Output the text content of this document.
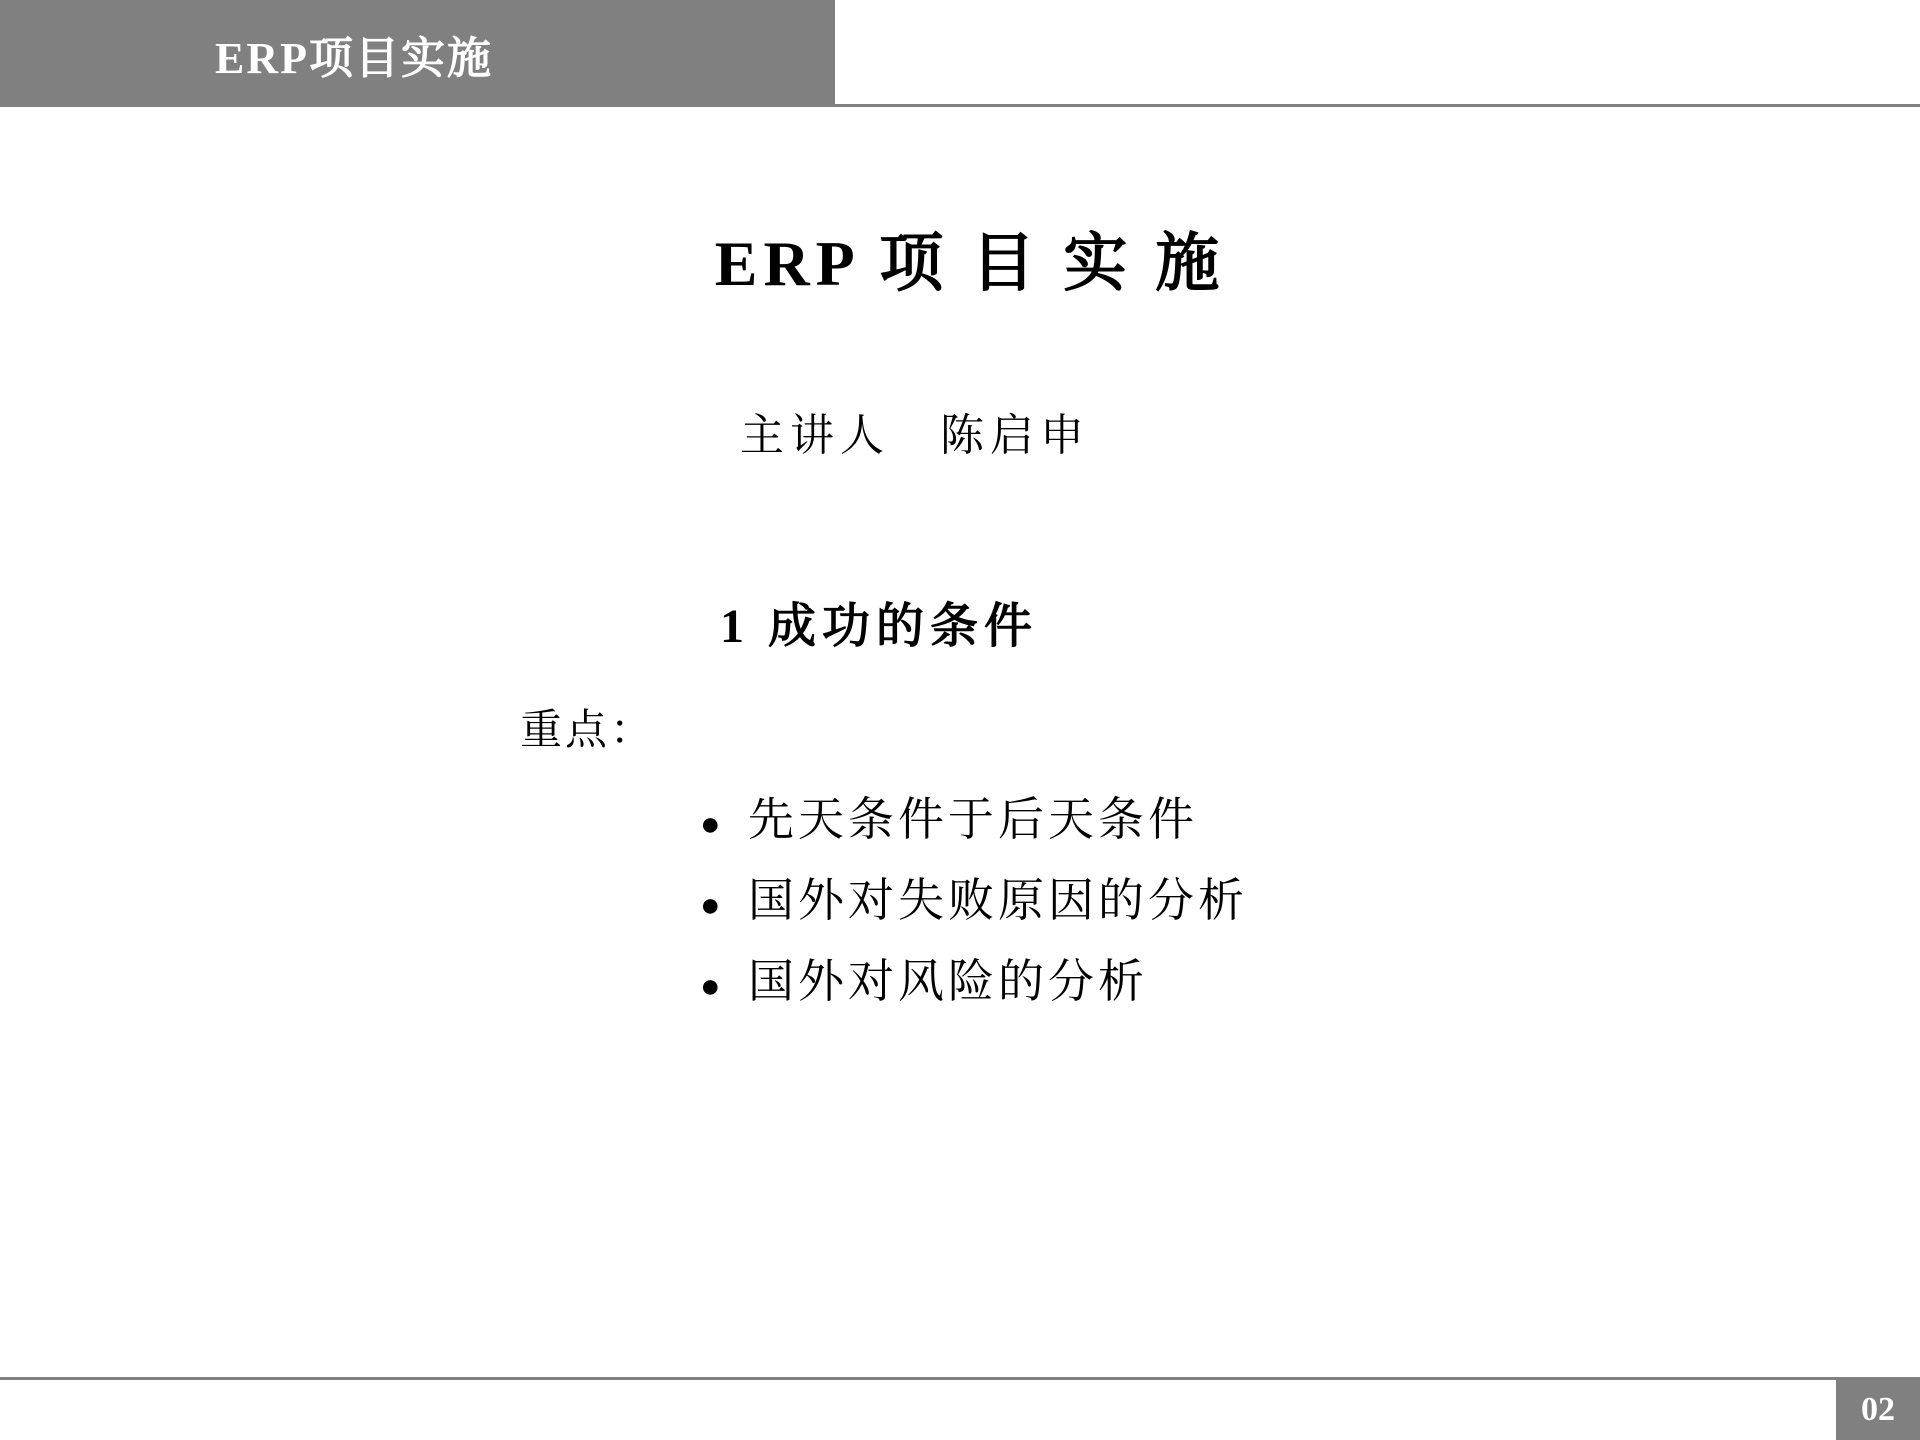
ERP项目实施
ERP 项 目 实 施
主讲人　陈启申
1 成功的条件
重点：
● 先天条件于后天条件
● 国外对失败原因的分析
● 国外对风险的分析
02
